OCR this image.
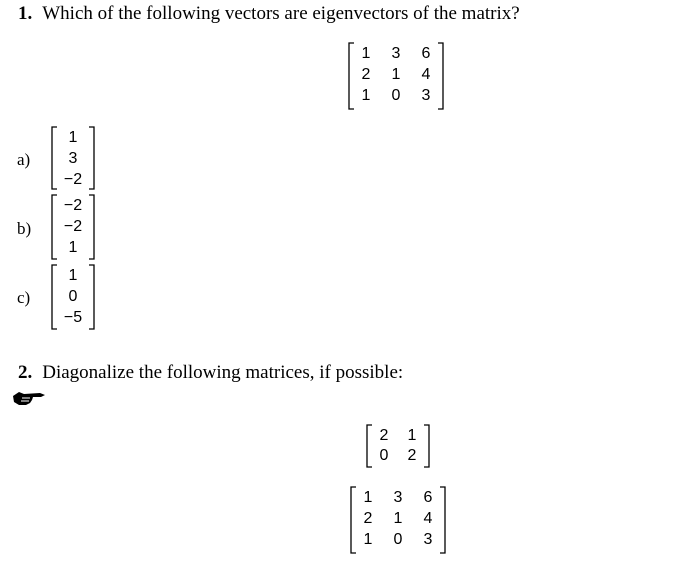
1. Which of the following vectors are eigenvectors of the matrix?
1	3	6
2	1	4
1	0	3
a)
1
3
−2
b)
−2
−2
1
c)
1
0
−5
2. Diagonalize the following matrices, if possible:
2	1
0	2
1	3	6
2	1	4
1	0	3
